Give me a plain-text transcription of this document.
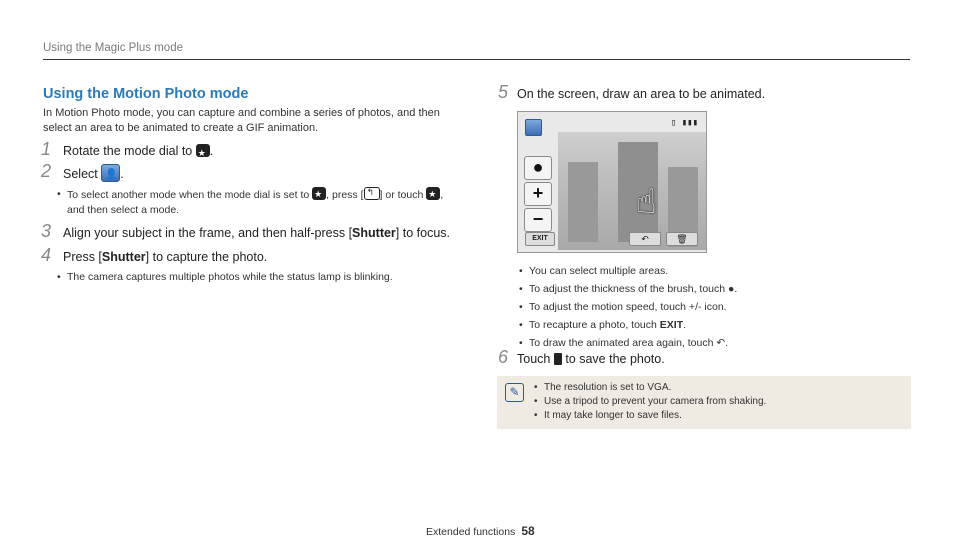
Using the Magic Plus mode
Using the Motion Photo mode
In Motion Photo mode, you can capture and combine a series of photos, and then select an area to be animated to create a GIF animation.
1 Rotate the mode dial to ★ .
2 Select 👤 .
• To select another mode when the mode dial is set to ★ , press [ ↰ ] or touch ★ , and then select a mode.
3 Align your subject in the frame, and then half-press [Shutter] to focus.
4 Press [Shutter] to capture the photo.
• The camera captures multiple photos while the status lamp is blinking.
5 On the screen, draw an area to be animated.
▯ ▮▮▮
●
+
−	☝
EXIT	↶	🗑
• You can select multiple areas.
• To adjust the thickness of the brush, touch ●.
• To adjust the motion speed, touch +/- icon.
• To recapture a photo, touch EXIT.
• To draw the animated area again, touch ↶.
6 Touch to save the photo.
✎	• The resolution is set to VGA.
• Use a tripod to prevent your camera from shaking.
• It may take longer to save files.
Extended functions 58
